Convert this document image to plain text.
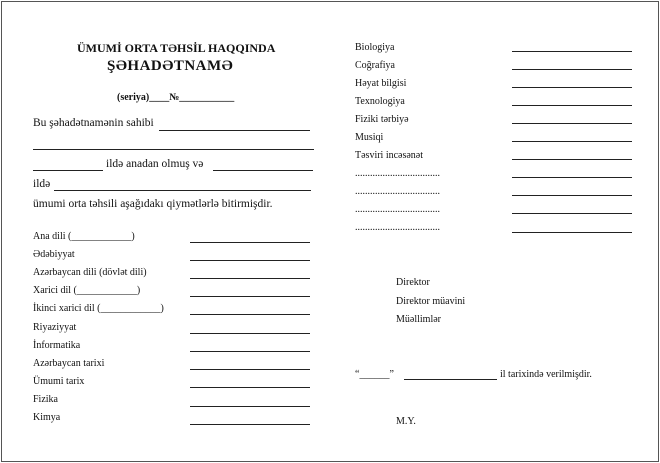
ÜMUMİ ORTA TƏHSİL HAQQINDA
ŞƏHADƏTNAMƏ
(seriya)____№___________
Bu şəhadətnamənin sahibi
ildə anadan olmuş və
ildə
ümumi orta təhsili aşağıdakı qiymətlərlə bitirmişdir.
Ana dili (____________)
Ədəbiyyat
Azərbaycan dili (dövlət dili)
Xarici dil (____________)
İkinci xarici dil (____________)
Riyaziyyat
İnformatika
Azərbaycan tarixi
Ümumi tarix
Fizika
Kimya
Biologiya
Coğrafiya
Həyat bilgisi
Texnologiya
Fiziki tərbiyə
Musiqi
Təsviri incəsənət
..................................
..................................
..................................
..................................
Direktor
Direktor müavini
Müəllimlər
“______”	il tarixində verilmişdir.
M.Y.
